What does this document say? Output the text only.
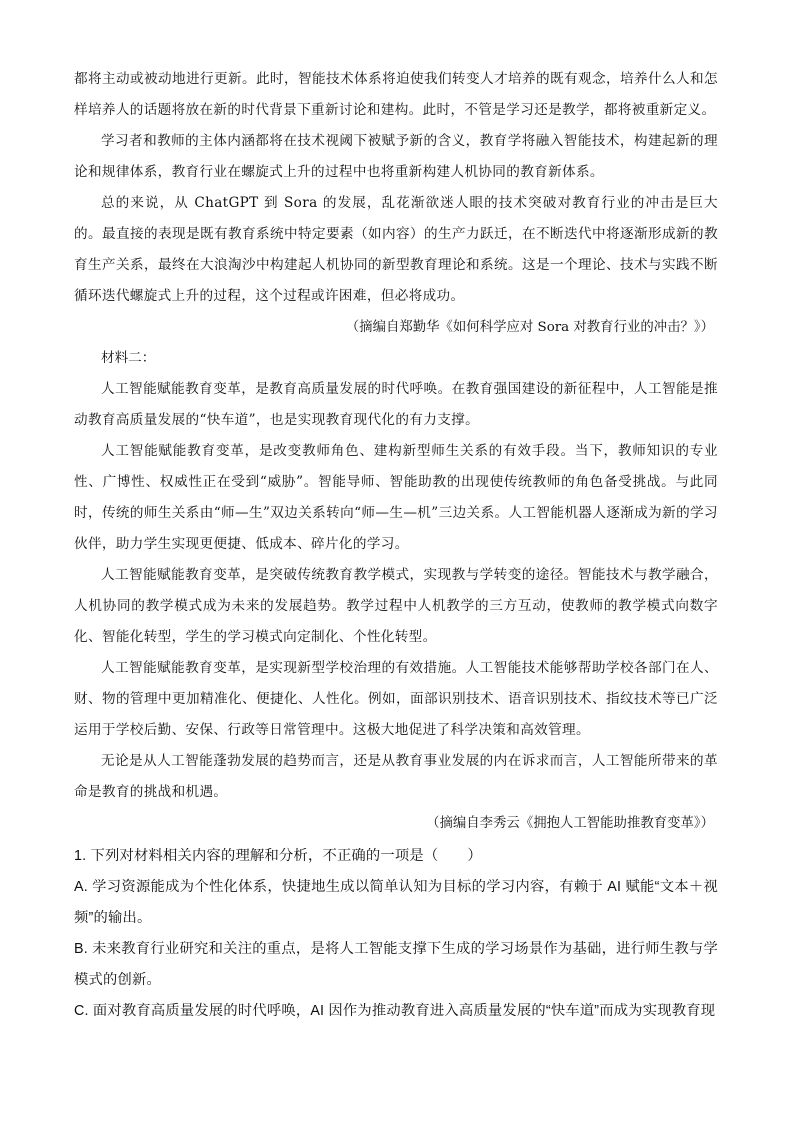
都将主动或被动地进行更新。此时，智能技术体系将迫使我们转变人才培养的既有观念，培养什么人和怎样培养人的话题将放在新的时代背景下重新讨论和建构。此时，不管是学习还是教学，都将被重新定义。

学习者和教师的主体内涵都将在技术视阈下被赋予新的含义，教育学将融入智能技术，构建起新的理论和规律体系，教育行业在螺旋式上升的过程中也将重新构建人机协同的教育新体系。

总的来说，从 ChatGPT 到 Sora 的发展，乱花渐欲迷人眼的技术突破对教育行业的冲击是巨大的。最直接的表现是既有教育系统中特定要素（如内容）的生产力跃迁，在不断迭代中将逐渐形成新的教育生产关系，最终在大浪淘沙中构建起人机协同的新型教育理论和系统。这是一个理论、技术与实践不断循环迭代螺旋式上升的过程，这个过程或许困难，但必将成功。

（摘编自郑勤华《如何科学应对 Sora 对教育行业的冲击？》）

材料二：

人工智能赋能教育变革，是教育高质量发展的时代呼唤。在教育强国建设的新征程中，人工智能是推动教育高质量发展的“快车道”，也是实现教育现代化的有力支撑。

人工智能赋能教育变革，是改变教师角色、建构新型师生关系的有效手段。当下，教师知识的专业性、广博性、权威性正在受到“威胁”。智能导师、智能助教的出现使传统教师的角色备受挑战。与此同时，传统的师生关系由“师—生”双边关系转向“师—生—机”三边关系。人工智能机器人逐渐成为新的学习伙伴，助力学生实现更便捷、低成本、碎片化的学习。

人工智能赋能教育变革，是突破传统教育教学模式，实现教与学转变的途径。智能技术与教学融合，人机协同的教学模式成为未来的发展趋势。教学过程中人机教学的三方互动，使教师的教学模式向数字化、智能化转型，学生的学习模式向定制化、个性化转型。

人工智能赋能教育变革，是实现新型学校治理的有效措施。人工智能技术能够帮助学校各部门在人、财、物的管理中更加精准化、便捷化、人性化。例如，面部识别技术、语音识别技术、指纹技术等已广泛运用于学校后勤、安保、行政等日常管理中。这极大地促进了科学决策和高效管理。

无论是从人工智能蓬勃发展的趋势而言，还是从教育事业发展的内在诉求而言，人工智能所带来的革命是教育的挑战和机遇。

（摘编自李秀云《拥抱人工智能助推教育变革》）

1. 下列对材料相关内容的理解和分析，不正确的一项是（　　）

A. 学习资源能成为个性化体系，快捷地生成以简单认知为目标的学习内容，有赖于 AI 赋能“文本＋视频”的输出。

B. 未来教育行业研究和关注的重点，是将人工智能支撑下生成的学习场景作为基础，进行师生教与学模式的创新。

C. 面对教育高质量发展的时代呼唤，AI 因作为推动教育进入高质量发展的“快车道”而成为实现教育现
